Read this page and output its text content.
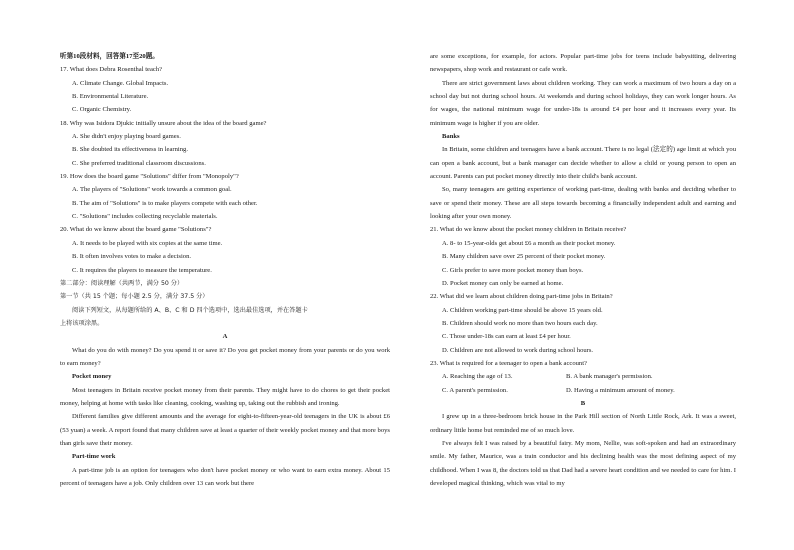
听第10段材料，回答第17至20题。

17. What does Debra Rosenthal teach?

A. Climate Change. Global Impacts.

B. Environmental Literature.

C. Organic Chemistry.

18. Why was Isidora Djukic initially unsure about the idea of the board game?

A. She didn't enjoy playing board games.

B. She doubted its effectiveness in learning.

C. She preferred traditional classroom discussions.

19. How does the board game "Solutions" differ from "Monopoly"?

A. The players of "Solutions" work towards a common goal.

B. The aim of "Solutions" is to make players compete with each other.

C. "Solutions" includes collecting recyclable materials.

20. What do we know about the board game "Solutions"?

A. It needs to be played with six copies at the same time.

B. It often involves votes to make a decision.

C. It requires the players to measure the temperature.

第二部分：阅读理解（共两节，满分 50 分）

第一节（共 15 个题；每小题 2.5 分，满分 37.5 分）

阅读下列短文，从每题所给的 A、B、C 和 D 四个选项中，选出最佳选项，并在答题卡

上将该项涂黑。

A

What do you do with money? Do you spend it or save it? Do you get pocket money from your parents or do you work to earn money?

Pocket money

Most teenagers in Britain receive pocket money from their parents. They might have to do chores to get their pocket money, helping at home with tasks like cleaning, cooking, washing up, taking out the rubbish and ironing.

Different families give different amounts and the average for eight-to-fifteen-year-old teenagers in the UK is about £6 (53 yuan) a week. A report found that many children save at least a quarter of their weekly pocket money and that more boys than girls save their money.

Part-time work

A part-time job is an option for teenagers who don't have pocket money or who want to earn extra money. About 15 percent of teenagers have a job. Only children over 13 can work but there

are some exceptions, for example, for actors. Popular part-time jobs for teens include babysitting, delivering newspapers, shop work and restaurant or cafe work.

There are strict government laws about children working. They can work a maximum of two hours a day on a school day but not during school hours. At weekends and during school holidays, they can work longer hours. As for wages, the national minimum wage for under-18s is around £4 per hour and it increases every year. Its minimum wage is higher if you are older.

Banks

In Britain, some children and teenagers have a bank account. There is no legal (法定的) age limit at which you can open a bank account, but a bank manager can decide whether to allow a child or young person to open an account. Parents can put pocket money directly into their child's bank account.

So, many teenagers are getting experience of working part-time, dealing with banks and deciding whether to save or spend their money. These are all steps towards becoming a financially independent adult and earning and looking after your own money.

21. What do we know about the pocket money children in Britain receive?

A. 8- to 15-year-olds get about £6 a month as their pocket money.

B. Many children save over 25 percent of their pocket money.

C. Girls prefer to save more pocket money than boys.

D. Pocket money can only be earned at home.

22. What did we learn about children doing part-time jobs in Britain?

A. Children working part-time should be above 15 years old.

B. Children should work no more than two hours each day.

C. Those under-18s can earn at least £4 per hour.

D. Children are not allowed to work during school hours.

23. What is required for a teenager to open a bank account?

A. Reaching the age of 13.	B. A bank manager's permission.
C. A parent's permission.	D. Having a minimum amount of money.

B

I grew up in a three-bedroom brick house in the Park Hill section of North Little Rock, Ark. It was a sweet, ordinary little home but reminded me of so much love.

I've always felt I was raised by a beautiful fairy. My mom, Nellie, was soft-spoken and had an extraordinary smile. My father, Maurice, was a train conductor and his declining health was the most defining aspect of my childhood. When I was 8, the doctors told us that Dad had a severe heart condition and we needed to care for him. I developed magical thinking, which was vital to my
